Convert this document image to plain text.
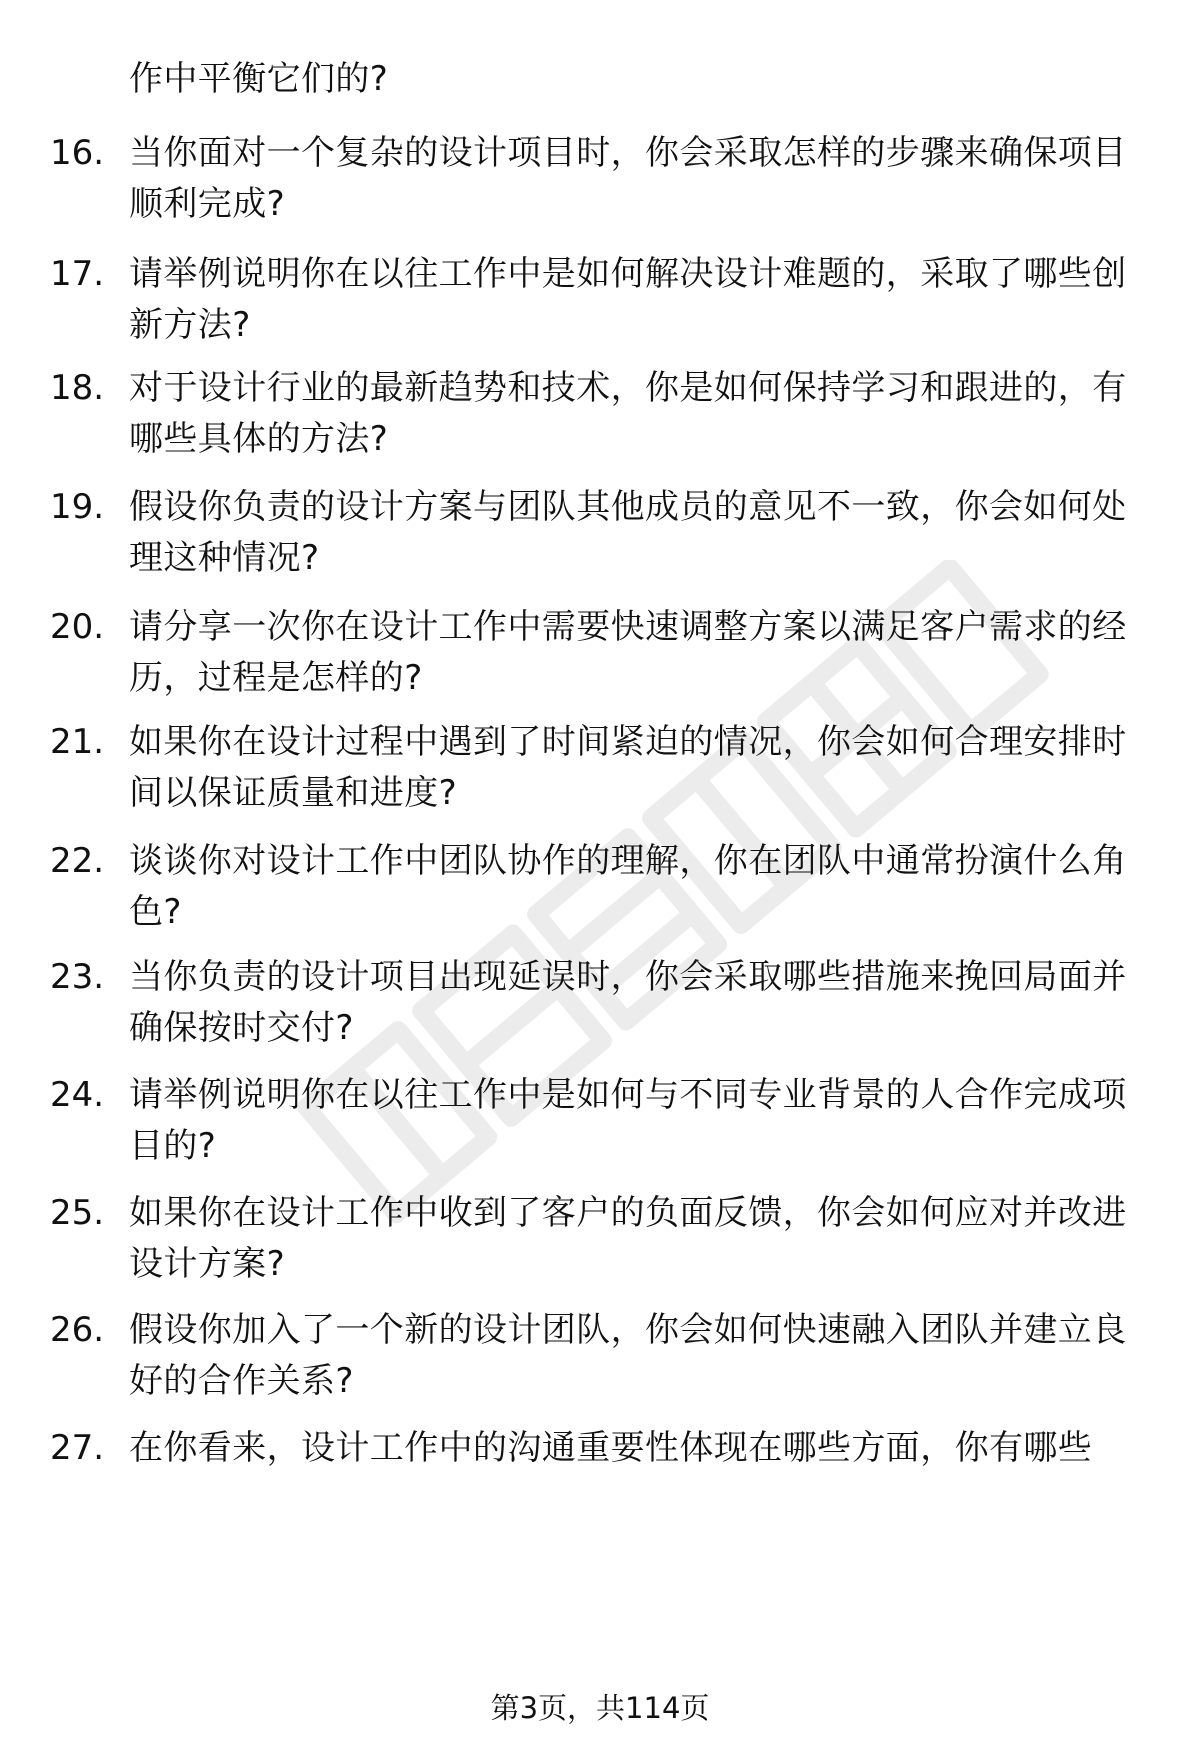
作中平衡它们的?
16. 当你面对一个复杂的设计项目时，你会采取怎样的步骤来确保项目顺利完成?
17. 请举例说明你在以往工作中是如何解决设计难题的，采取了哪些创新方法?
18. 对于设计行业的最新趋势和技术，你是如何保持学习和跟进的，有哪些具体的方法?
19. 假设你负责的设计方案与团队其他成员的意见不一致，你会如何处理这种情况?
20. 请分享一次你在设计工作中需要快速调整方案以满足客户需求的经历，过程是怎样的?
21. 如果你在设计过程中遇到了时间紧迫的情况，你会如何合理安排时间以保证质量和进度?
22. 谈谈你对设计工作中团队协作的理解，你在团队中通常扮演什么角色?
23. 当你负责的设计项目出现延误时，你会采取哪些措施来挽回局面并确保按时交付?
24. 请举例说明你在以往工作中是如何与不同专业背景的人合作完成项目的?
25. 如果你在设计工作中收到了客户的负面反馈，你会如何应对并改进设计方案?
26. 假设你加入了一个新的设计团队，你会如何快速融入团队并建立良好的合作关系?
27. 在你看来，设计工作中的沟通重要性体现在哪些方面，你有哪些
第3页，共114页
